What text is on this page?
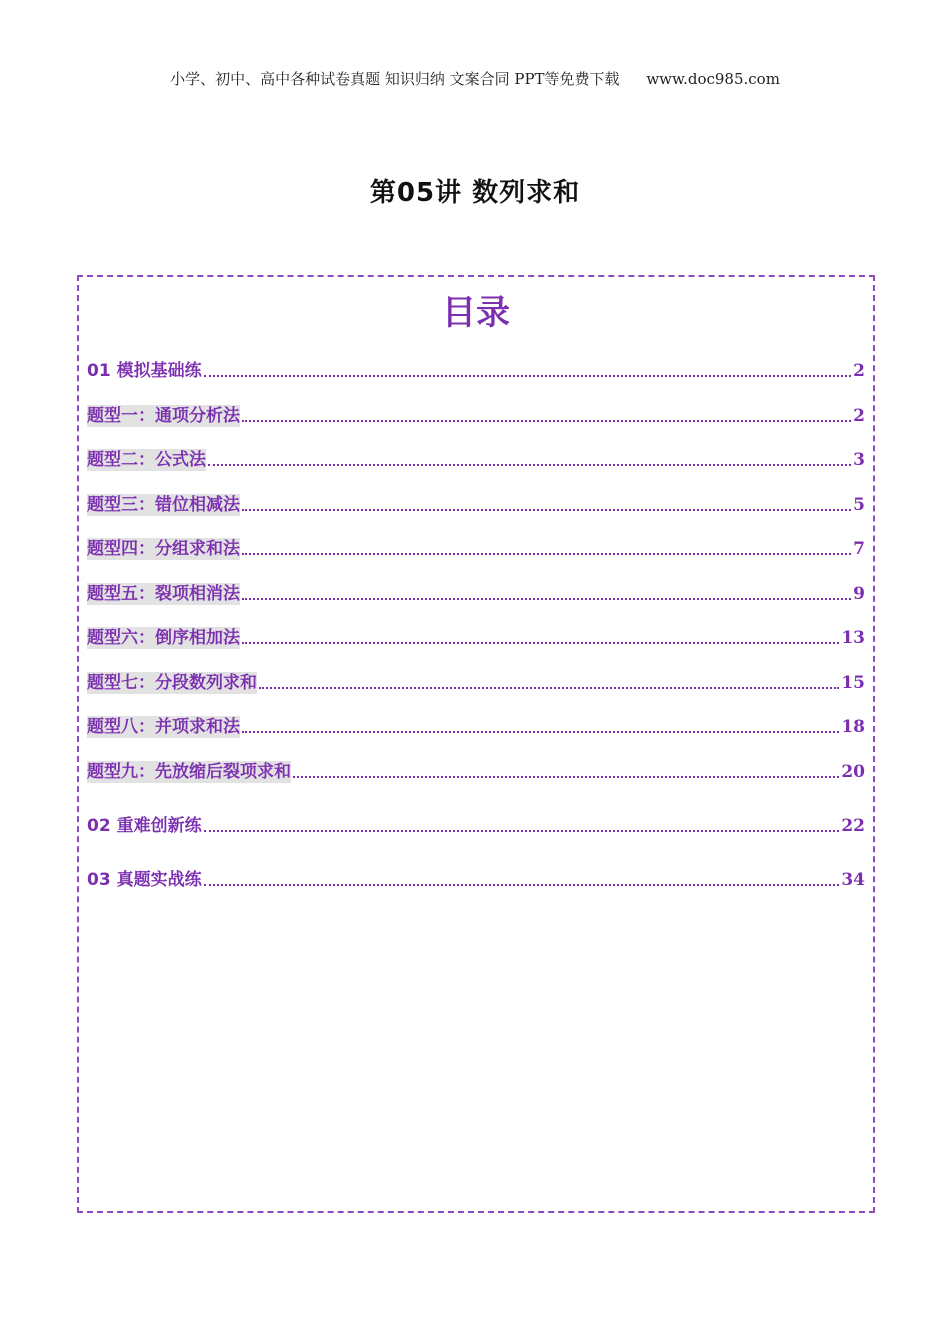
小学、初中、高中各种试卷真题 知识归纳 文案合同 PPT等免费下载 www.doc985.com
第05讲 数列求和
目录
01 模拟基础练	2
题型一：通项分析法	2
题型二：公式法	3
题型三：错位相减法	5
题型四：分组求和法	7
题型五：裂项相消法	9
题型六：倒序相加法	13
题型七：分段数列求和	15
题型八：并项求和法	18
题型九：先放缩后裂项求和	20
02 重难创新练	22
03 真题实战练	34
